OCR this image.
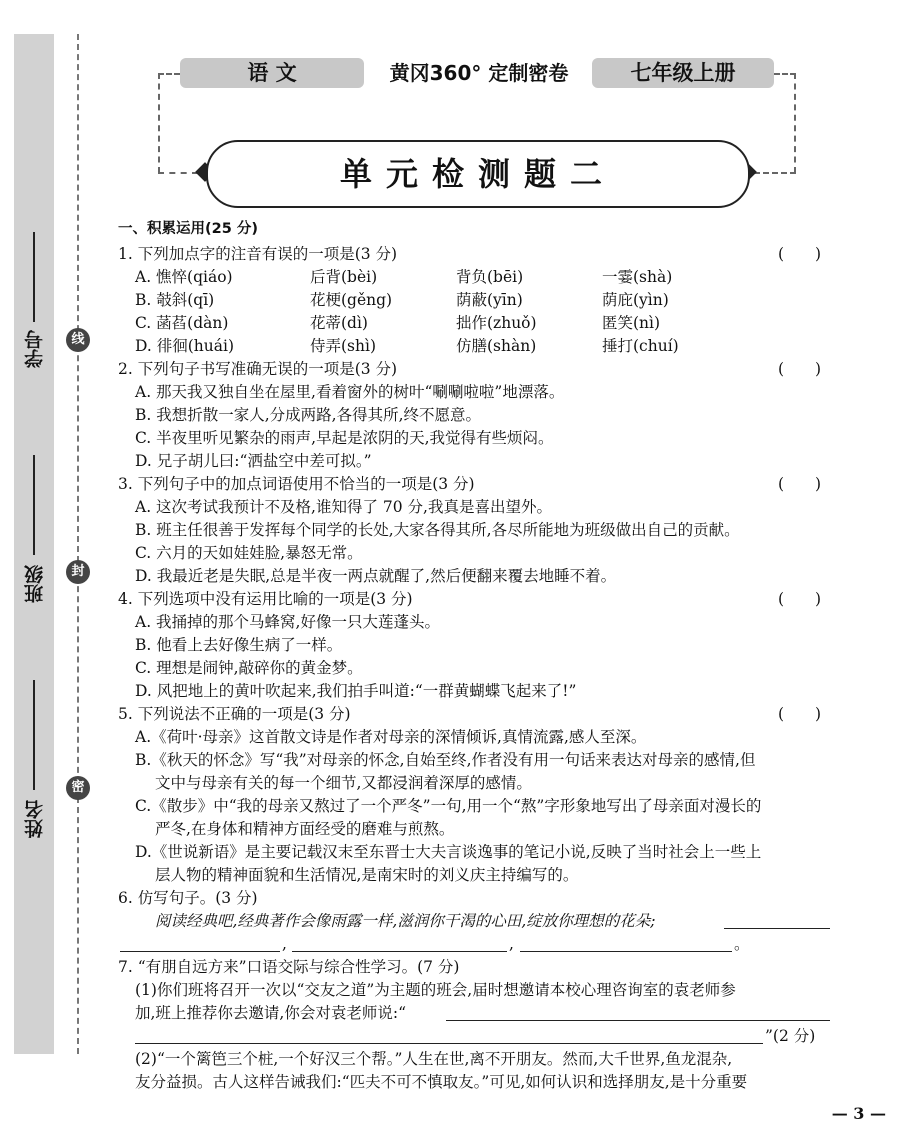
学号
班级
姓名
线
封
密
语 文	黄冈360° 定制密卷	七年级上册
单元检测题二
一、积累运用(25 分)
1. 下列加点字的注音有误的一项是(3 分)	(　　)
A. 憔悴(qiáo)	后背(bèi)	背负(bēi)	一霎(shà)
B. 攲斜(qī)	花梗(gěng)	荫蔽(yīn)	荫庇(yìn)
C. 菡萏(dàn)	花蒂(dì)	拙作(zhuǒ)	匿笑(nì)
D. 徘徊(huái)	侍弄(shì)	仿膳(shàn)	捶打(chuí)
2. 下列句子书写准确无误的一项是(3 分)	(　　)
A. 那天我又独自坐在屋里,看着窗外的树叶“唰唰啦啦”地漂落。
B. 我想折散一家人,分成两路,各得其所,终不愿意。
C. 半夜里听见繁杂的雨声,早起是浓阴的天,我觉得有些烦闷。
D. 兄子胡儿曰:“洒盐空中差可拟。”
3. 下列句子中的加点词语使用不恰当的一项是(3 分)	(　　)
A. 这次考试我预计不及格,谁知得了 70 分,我真是喜出望外。
B. 班主任很善于发挥每个同学的长处,大家各得其所,各尽所能地为班级做出自己的贡献。
C. 六月的天如娃娃脸,暴怒无常。
D. 我最近老是失眠,总是半夜一两点就醒了,然后便翻来覆去地睡不着。
4. 下列选项中没有运用比喻的一项是(3 分)	(　　)
A. 我捅掉的那个马蜂窝,好像一只大莲蓬头。
B. 他看上去好像生病了一样。
C. 理想是闹钟,敲碎你的黄金梦。
D. 风把地上的黄叶吹起来,我们拍手叫道:“一群黄蝴蝶飞起来了!”
5. 下列说法不正确的一项是(3 分)	(　　)
A.《荷叶·母亲》这首散文诗是作者对母亲的深情倾诉,真情流露,感人至深。
B.《秋天的怀念》写“我”对母亲的怀念,自始至终,作者没有用一句话来表达对母亲的感情,但
文中与母亲有关的每一个细节,又都浸润着深厚的感情。
C.《散步》中“我的母亲又熬过了一个严冬”一句,用一个“熬”字形象地写出了母亲面对漫长的
严冬,在身体和精神方面经受的磨难与煎熬。
D.《世说新语》是主要记载汉末至东晋士大夫言谈逸事的笔记小说,反映了当时社会上一些上
层人物的精神面貌和生活情况,是南宋时的刘义庆主持编写的。
6. 仿写句子。(3 分)
阅读经典吧,经典著作会像雨露一样,滋润你干渴的心田,绽放你理想的花朵;
,	,	。
7. “有朋自远方来”口语交际与综合性学习。(7 分)
(1)你们班将召开一次以“交友之道”为主题的班会,届时想邀请本校心理咨询室的袁老师参
加,班上推荐你去邀请,你会对袁老师说:“
”(2 分)
(2)“一个篱笆三个桩,一个好汉三个帮。”人生在世,离不开朋友。然而,大千世界,鱼龙混杂,
友分益损。古人这样告诫我们:“匹夫不可不慎取友。”可见,如何认识和选择朋友,是十分重要
— 3 —
